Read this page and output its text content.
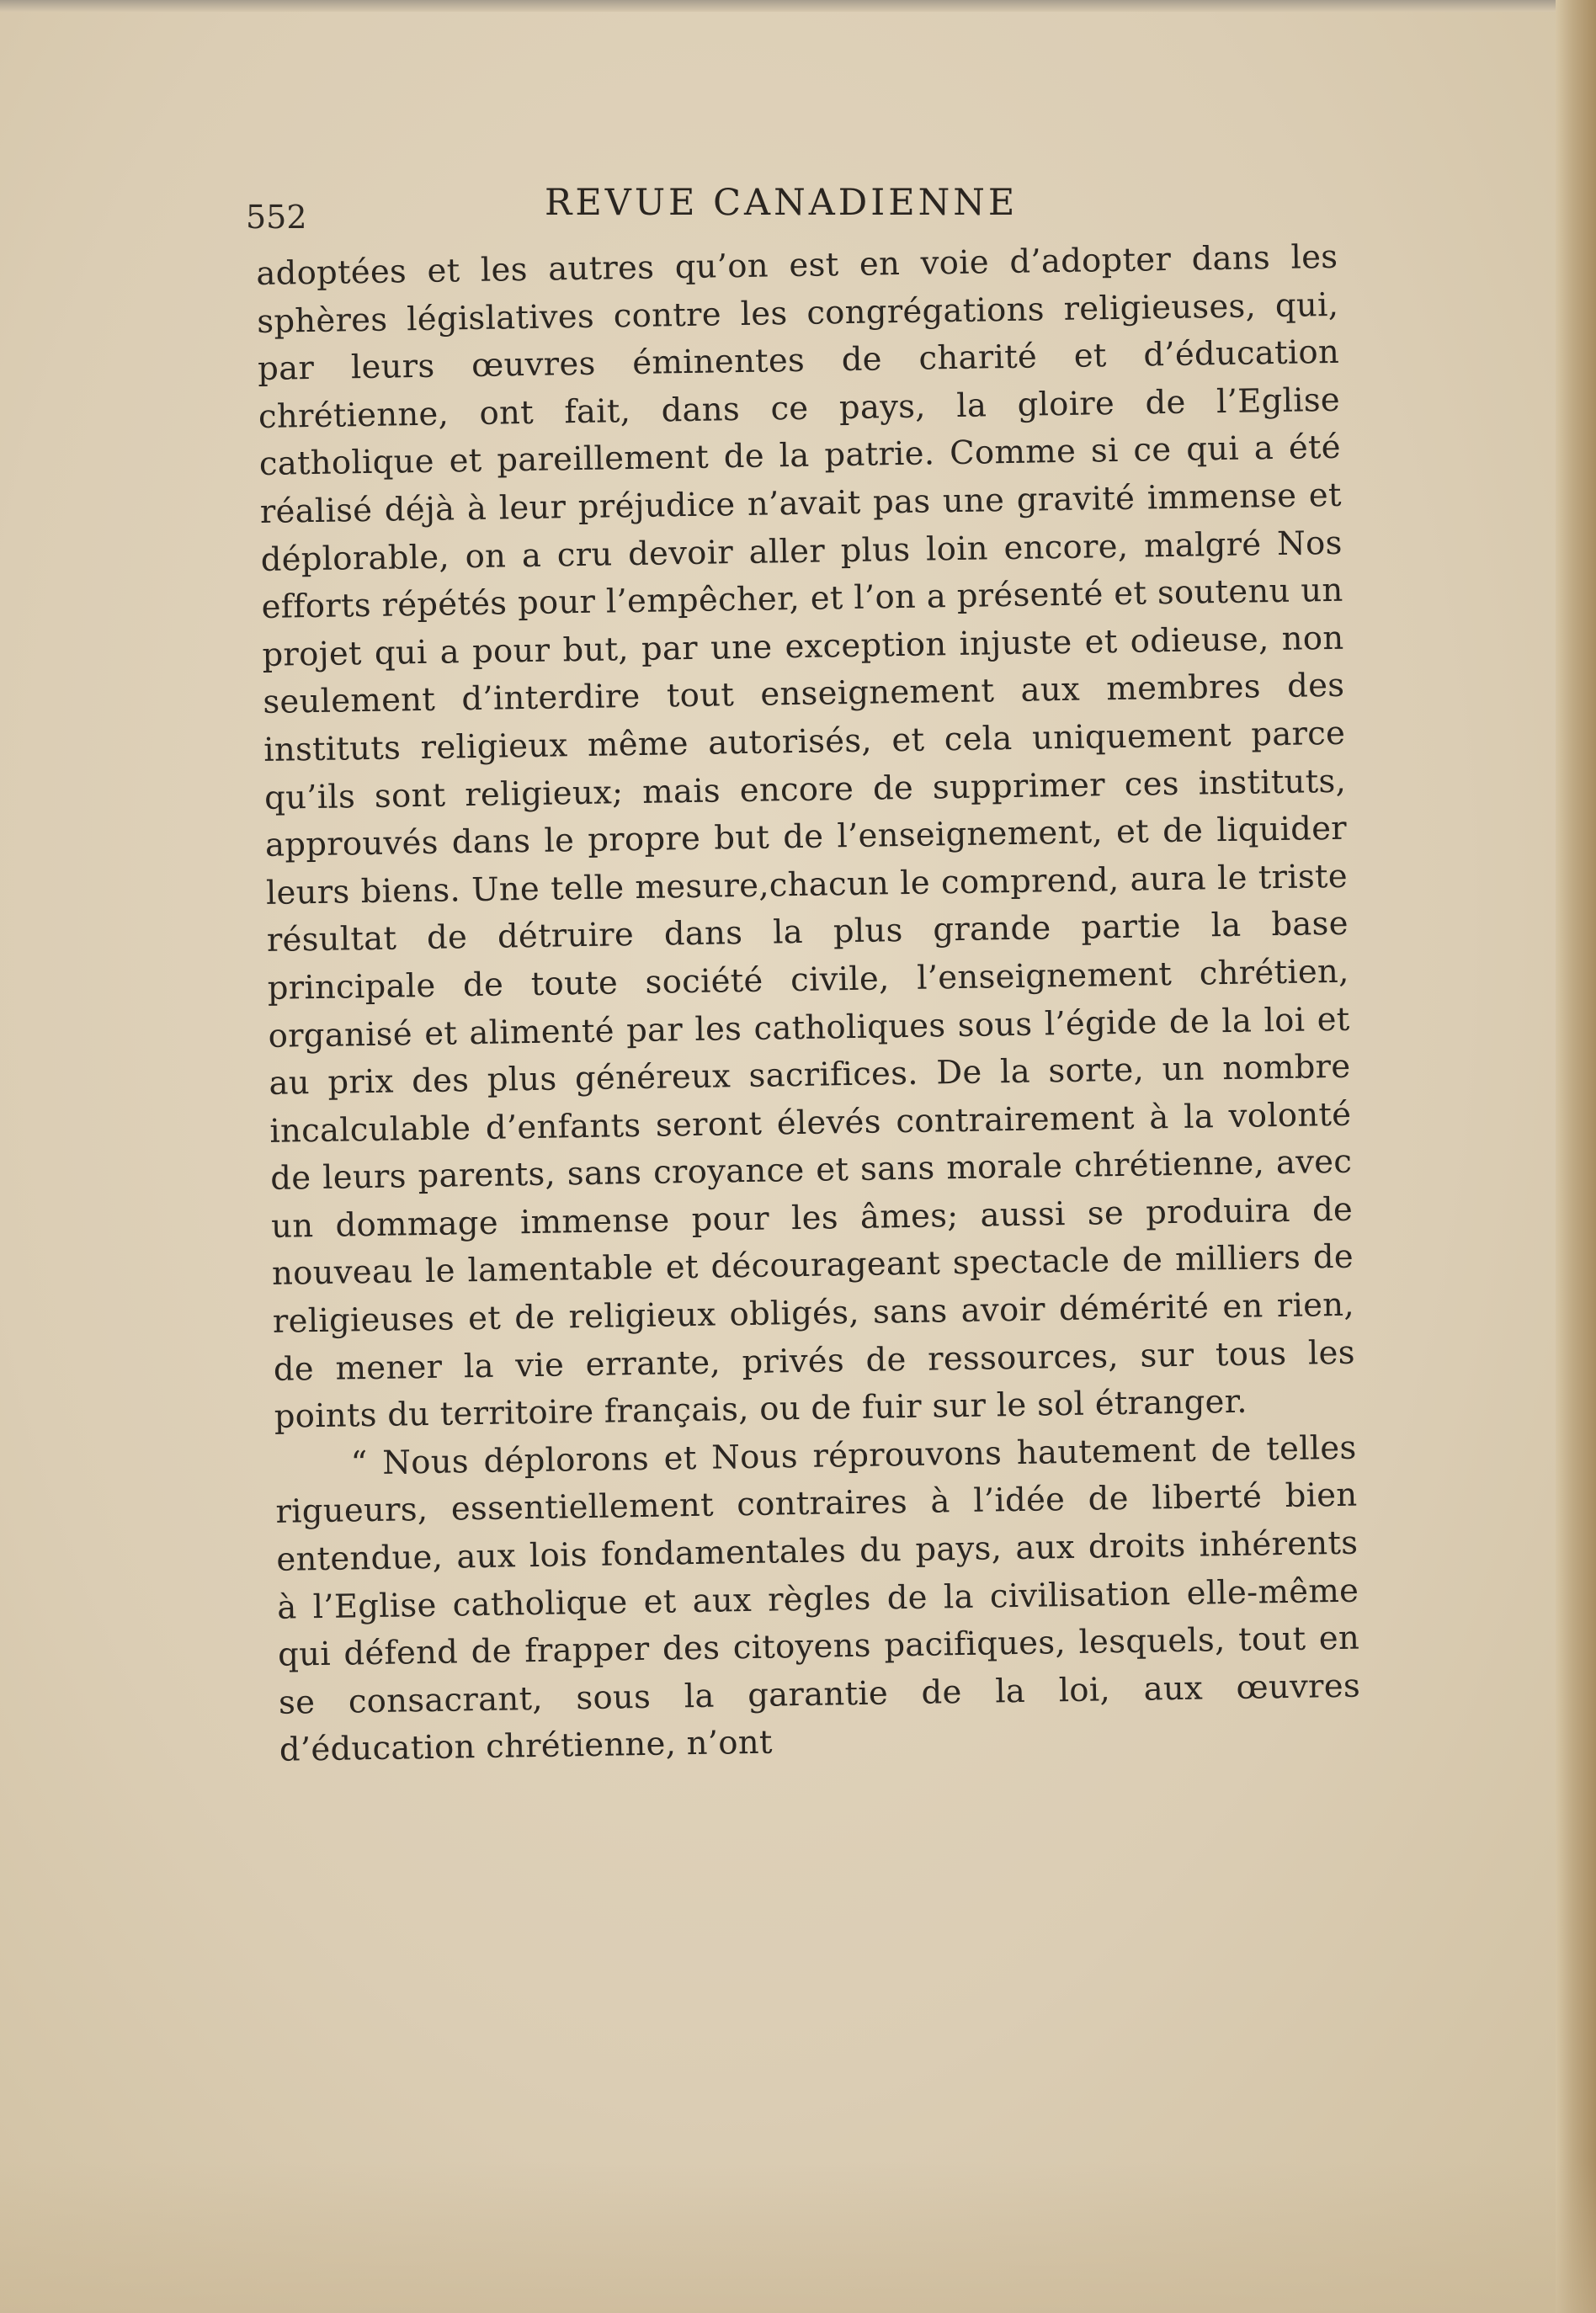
552	REVUE CANADIENNE

adoptées et les autres qu’on est en voie d’adopter dans les sphères législatives contre les congrégations religieuses, qui, par leurs œuvres éminentes de charité et d’éducation chrétienne, ont fait, dans ce pays, la gloire de l’Eglise catholique et pareillement de la patrie. Comme si ce qui a été réalisé déjà à leur préjudice n’avait pas une gravité immense et déplorable, on a cru devoir aller plus loin encore, malgré Nos efforts répétés pour l’empêcher, et l’on a présenté et soutenu un projet qui a pour but, par une exception injuste et odieuse, non seulement d’interdire tout enseignement aux membres des instituts religieux même autorisés, et cela uniquement parce qu’ils sont religieux; mais encore de supprimer ces instituts, approuvés dans le propre but de l’enseignement, et de liquider leurs biens. Une telle mesure,chacun le comprend, aura le triste résultat de détruire dans la plus grande partie la base principale de toute société civile, l’enseignement chrétien, organisé et alimenté par les catholiques sous l’égide de la loi et au prix des plus généreux sacrifices. De la sorte, un nombre incalculable d’enfants seront élevés contrairement à la volonté de leurs parents, sans croyance et sans morale chrétienne, avec un dommage immense pour les âmes; aussi se produira de nouveau le lamentable et décourageant spectacle de milliers de religieuses et de religieux obligés, sans avoir démérité en rien, de mener la vie errante, privés de ressources, sur tous les points du territoire français, ou de fuir sur le sol étranger.

“ Nous déplorons et Nous réprouvons hautement de telles rigueurs, essentiellement contraires à l’idée de liberté bien entendue, aux lois fondamentales du pays, aux droits inhérents à l’Eglise catholique et aux règles de la civilisation elle-même qui défend de frapper des citoyens pacifiques, lesquels, tout en se consacrant, sous la garantie de la loi, aux œuvres d’éducation chrétienne, n’ont
